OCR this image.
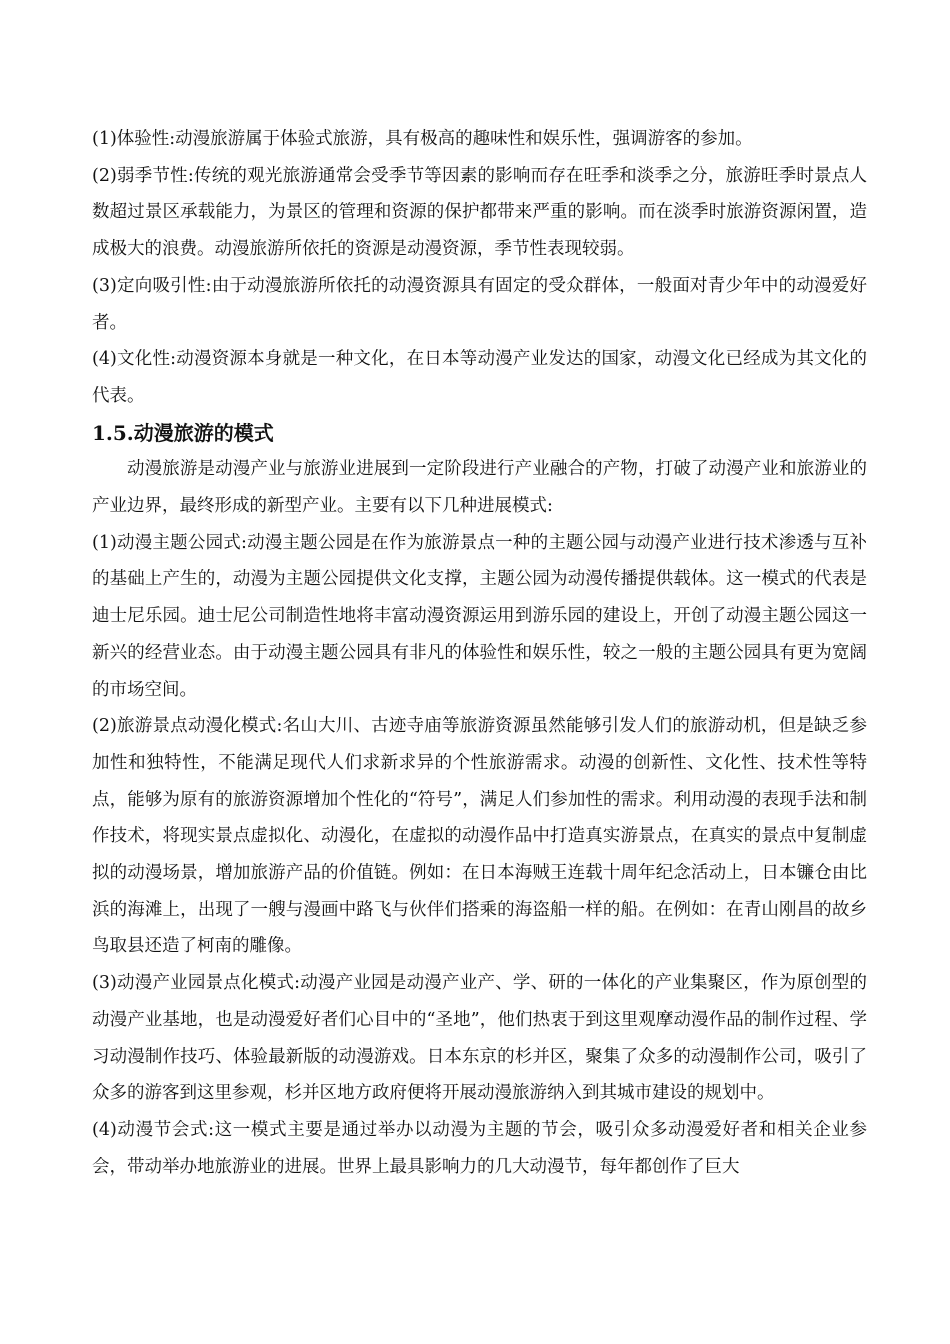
(1)体验性:动漫旅游属于体验式旅游，具有极高的趣味性和娱乐性，强调游客的参加。

(2)弱季节性:传统的观光旅游通常会受季节等因素的影响而存在旺季和淡季之分，旅游旺季时景点人数超过景区承载能力，为景区的管理和资源的保护都带来严重的影响。而在淡季时旅游资源闲置，造成极大的浪费。动漫旅游所依托的资源是动漫资源，季节性表现较弱。

(3)定向吸引性:由于动漫旅游所依托的动漫资源具有固定的受众群体，一般面对青少年中的动漫爱好者。

(4)文化性:动漫资源本身就是一种文化，在日本等动漫产业发达的国家，动漫文化已经成为其文化的代表。

1.5.动漫旅游的模式

动漫旅游是动漫产业与旅游业进展到一定阶段进行产业融合的产物，打破了动漫产业和旅游业的产业边界，最终形成的新型产业。主要有以下几种进展模式:

(1)动漫主题公园式:动漫主题公园是在作为旅游景点一种的主题公园与动漫产业进行技术渗透与互补的基础上产生的，动漫为主题公园提供文化支撑，主题公园为动漫传播提供载体。这一模式的代表是迪士尼乐园。迪士尼公司制造性地将丰富动漫资源运用到游乐园的建设上，开创了动漫主题公园这一新兴的经营业态。由于动漫主题公园具有非凡的体验性和娱乐性，较之一般的主题公园具有更为宽阔的市场空间。

(2)旅游景点动漫化模式:名山大川、古迹寺庙等旅游资源虽然能够引发人们的旅游动机，但是缺乏参加性和独特性，不能满足现代人们求新求异的个性旅游需求。动漫的创新性、文化性、技术性等特点，能够为原有的旅游资源增加个性化的“符号”，满足人们参加性的需求。利用动漫的表现手法和制作技术，将现实景点虚拟化、动漫化，在虚拟的动漫作品中打造真实游景点，在真实的景点中复制虚拟的动漫场景，增加旅游产品的价值链。例如：在日本海贼王连载十周年纪念活动上，日本镰仓由比浜的海滩上，出现了一艘与漫画中路飞与伙伴们搭乘的海盗船一样的船。在例如：在青山刚昌的故乡鸟取县还造了柯南的雕像。

(3)动漫产业园景点化模式:动漫产业园是动漫产业产、学、研的一体化的产业集聚区，作为原创型的动漫产业基地，也是动漫爱好者们心目中的“圣地”，他们热衷于到这里观摩动漫作品的制作过程、学习动漫制作技巧、体验最新版的动漫游戏。日本东京的杉并区，聚集了众多的动漫制作公司，吸引了众多的游客到这里参观，杉并区地方政府便将开展动漫旅游纳入到其城市建设的规划中。

(4)动漫节会式:这一模式主要是通过举办以动漫为主题的节会，吸引众多动漫爱好者和相关企业参会，带动举办地旅游业的进展。世界上最具影响力的几大动漫节，每年都创作了巨大
